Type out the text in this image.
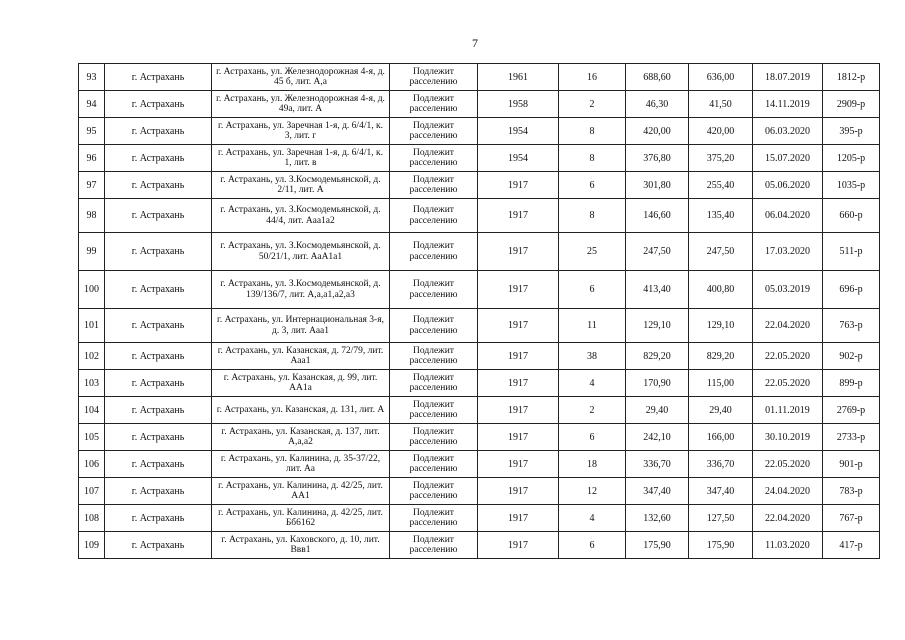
7
93	г. Астрахань	г. Астрахань, ул. Железнодорожная 4-я, д. 45 б, лит. А,а	Подлежит расселению	1961	16	688,60	636,00	18.07.2019	1812-р
94	г. Астрахань	г. Астрахань, ул. Железнодорожная 4-я, д. 49а, лит. А	Подлежит расселению	1958	2	46,30	41,50	14.11.2019	2909-р
95	г. Астрахань	г. Астрахань, ул. Заречная 1-я, д. 6/4/1, к. 3, лит. г	Подлежит расселению	1954	8	420,00	420,00	06.03.2020	395-р
96	г. Астрахань	г. Астрахань, ул. Заречная 1-я, д. 6/4/1, к. 1, лит. в	Подлежит расселению	1954	8	376,80	375,20	15.07.2020	1205-р
97	г. Астрахань	г. Астрахань, ул. З.Космодемьянской, д. 2/11, лит. А	Подлежит расселению	1917	6	301,80	255,40	05.06.2020	1035-р
98	г. Астрахань	г. Астрахань, ул. З.Космодемьянской, д. 44/4, лит. Ааа1а2	Подлежит расселению	1917	8	146,60	135,40	06.04.2020	660-р
99	г. Астрахань	г. Астрахань, ул. З.Космодемьянской, д. 50/21/1, лит. АаА1а1	Подлежит расселению	1917	25	247,50	247,50	17.03.2020	511-р
100	г. Астрахань	г. Астрахань, ул. З.Космодемьянской, д. 139/136/7, лит. А,а,а1,а2,а3	Подлежит расселению	1917	6	413,40	400,80	05.03.2019	696-р
101	г. Астрахань	г. Астрахань, ул. Интернациональная 3-я, д. 3, лит. Ааа1	Подлежит расселению	1917	11	129,10	129,10	22.04.2020	763-р
102	г. Астрахань	г. Астрахань, ул. Казанская, д. 72/79, лит. Ааа1	Подлежит расселению	1917	38	829,20	829,20	22.05.2020	902-р
103	г. Астрахань	г. Астрахань, ул. Казанская, д. 99, лит. АА1а	Подлежит расселению	1917	4	170,90	115,00	22.05.2020	899-р
104	г. Астрахань	г. Астрахань, ул. Казанская, д. 131, лит. А	Подлежит расселению	1917	2	29,40	29,40	01.11.2019	2769-р
105	г. Астрахань	г. Астрахань, ул. Казанская, д. 137, лит. А,а,а2	Подлежит расселению	1917	6	242,10	166,00	30.10.2019	2733-р
106	г. Астрахань	г. Астрахань, ул. Калинина, д. 35-37/22, лит. Аа	Подлежит расселению	1917	18	336,70	336,70	22.05.2020	901-р
107	г. Астрахань	г. Астрахань, ул. Калинина, д. 42/25, лит. АА1	Подлежит расселению	1917	12	347,40	347,40	24.04.2020	783-р
108	г. Астрахань	г. Астрахань, ул. Калинина, д. 42/25, лит. Бб6162	Подлежит расселению	1917	4	132,60	127,50	22.04.2020	767-р
109	г. Астрахань	г. Астрахань, ул. Каховского, д. 10, лит. Ввв1	Подлежит расселению	1917	6	175,90	175,90	11.03.2020	417-р
